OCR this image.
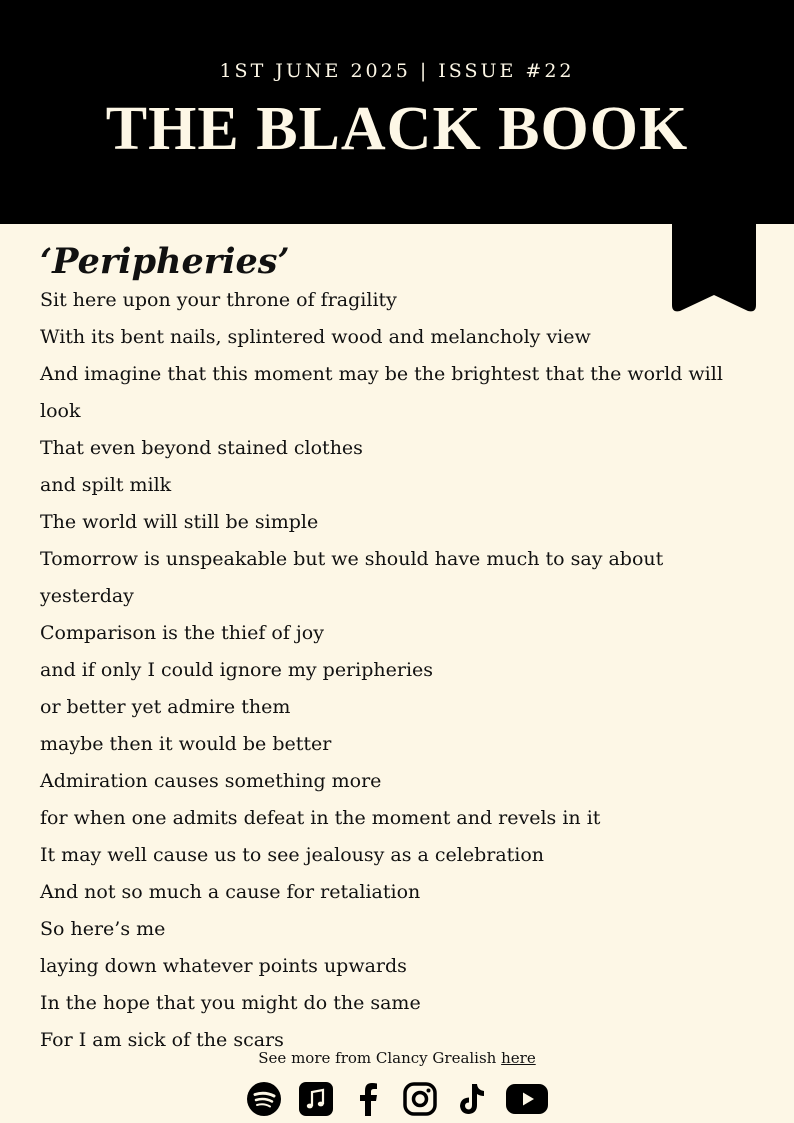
1ST JUNE 2025 | ISSUE #22
THE BLACK BOOK
‘Peripheries’
Sit here upon your throne of fragility
With its bent nails, splintered wood and melancholy view
And imagine that this moment may be the brightest that the world will
look
That even beyond stained clothes
and spilt milk
The world will still be simple
Tomorrow is unspeakable but we should have much to say about
yesterday
Comparison is the thief of joy
and if only I could ignore my peripheries
or better yet admire them
maybe then it would be better
Admiration causes something more
for when one admits defeat in the moment and revels in it
It may well cause us to see jealousy as a celebration
And not so much a cause for retaliation
So here’s me
laying down whatever points upwards
In the hope that you might do the same
For I am sick of the scars
See more from Clancy Grealish here
